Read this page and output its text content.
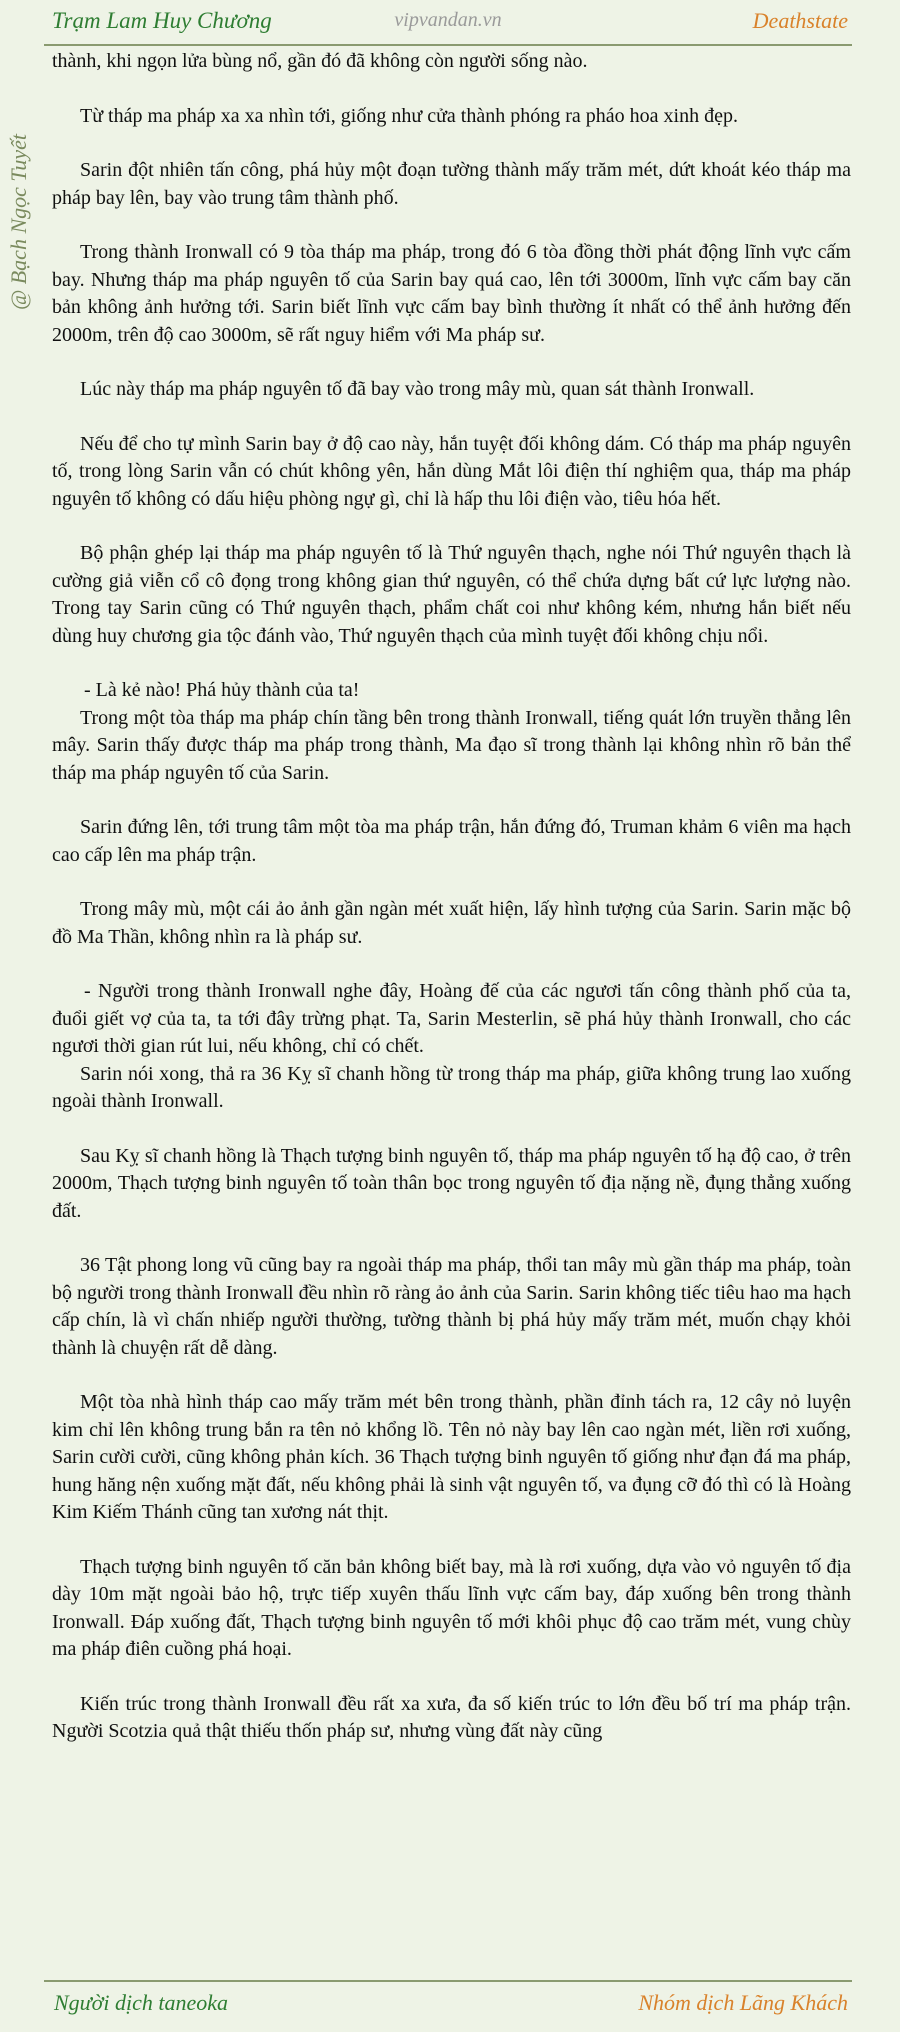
Trạm Lam Huy Chương	vipvandan.vn	Deathstate
@ Bạch Ngọc Tuyết

thành, khi ngọn lửa bùng nổ, gần đó đã không còn người sống nào.

Từ tháp ma pháp xa xa nhìn tới, giống như cửa thành phóng ra pháo hoa xinh đẹp.

Sarin đột nhiên tấn công, phá hủy một đoạn tường thành mấy trăm mét, dứt khoát kéo tháp ma pháp bay lên, bay vào trung tâm thành phố.

Trong thành Ironwall có 9 tòa tháp ma pháp, trong đó 6 tòa đồng thời phát động lĩnh vực cấm bay. Nhưng tháp ma pháp nguyên tố của Sarin bay quá cao, lên tới 3000m, lĩnh vực cấm bay căn bản không ảnh hưởng tới. Sarin biết lĩnh vực cấm bay bình thường ít nhất có thể ảnh hưởng đến 2000m, trên độ cao 3000m, sẽ rất nguy hiểm với Ma pháp sư.

Lúc này tháp ma pháp nguyên tố đã bay vào trong mây mù, quan sát thành Ironwall.

Nếu để cho tự mình Sarin bay ở độ cao này, hắn tuyệt đối không dám. Có tháp ma pháp nguyên tố, trong lòng Sarin vẫn có chút không yên, hắn dùng Mắt lôi điện thí nghiệm qua, tháp ma pháp nguyên tố không có dấu hiệu phòng ngự gì, chỉ là hấp thu lôi điện vào, tiêu hóa hết.

Bộ phận ghép lại tháp ma pháp nguyên tố là Thứ nguyên thạch, nghe nói Thứ nguyên thạch là cường giả viễn cổ cô đọng trong không gian thứ nguyên, có thể chứa dựng bất cứ lực lượng nào. Trong tay Sarin cũng có Thứ nguyên thạch, phẩm chất coi như không kém, nhưng hắn biết nếu dùng huy chương gia tộc đánh vào, Thứ nguyên thạch của mình tuyệt đối không chịu nổi.

- Là kẻ nào! Phá hủy thành của ta!

Trong một tòa tháp ma pháp chín tầng bên trong thành Ironwall, tiếng quát lớn truyền thẳng lên mây. Sarin thấy được tháp ma pháp trong thành, Ma đạo sĩ trong thành lại không nhìn rõ bản thể tháp ma pháp nguyên tố của Sarin.

Sarin đứng lên, tới trung tâm một tòa ma pháp trận, hắn đứng đó, Truman khảm 6 viên ma hạch cao cấp lên ma pháp trận.

Trong mây mù, một cái ảo ảnh gần ngàn mét xuất hiện, lấy hình tượng của Sarin. Sarin mặc bộ đồ Ma Thần, không nhìn ra là pháp sư.

- Người trong thành Ironwall nghe đây, Hoàng đế của các ngươi tấn công thành phố của ta, đuổi giết vợ của ta, ta tới đây trừng phạt. Ta, Sarin Mesterlin, sẽ phá hủy thành Ironwall, cho các ngươi thời gian rút lui, nếu không, chỉ có chết.

Sarin nói xong, thả ra 36 Kỵ sĩ chanh hồng từ trong tháp ma pháp, giữa không trung lao xuống ngoài thành Ironwall.

Sau Kỵ sĩ chanh hồng là Thạch tượng binh nguyên tố, tháp ma pháp nguyên tố hạ độ cao, ở trên 2000m, Thạch tượng binh nguyên tố toàn thân bọc trong nguyên tố địa nặng nề, đụng thẳng xuống đất.

36 Tật phong long vũ cũng bay ra ngoài tháp ma pháp, thổi tan mây mù gần tháp ma pháp, toàn bộ người trong thành Ironwall đều nhìn rõ ràng ảo ảnh của Sarin. Sarin không tiếc tiêu hao ma hạch cấp chín, là vì chấn nhiếp người thường, tường thành bị phá hủy mấy trăm mét, muốn chạy khỏi thành là chuyện rất dễ dàng.

Một tòa nhà hình tháp cao mấy trăm mét bên trong thành, phần đỉnh tách ra, 12 cây nỏ luyện kim chỉ lên không trung bắn ra tên nỏ khổng lồ. Tên nỏ này bay lên cao ngàn mét, liền rơi xuống, Sarin cười cười, cũng không phản kích. 36 Thạch tượng binh nguyên tố giống như đạn đá ma pháp, hung hăng nện xuống mặt đất, nếu không phải là sinh vật nguyên tố, va đụng cỡ đó thì có là Hoàng Kim Kiếm Thánh cũng tan xương nát thịt.

Thạch tượng binh nguyên tố căn bản không biết bay, mà là rơi xuống, dựa vào vỏ nguyên tố địa dày 10m mặt ngoài bảo hộ, trực tiếp xuyên thấu lĩnh vực cấm bay, đáp xuống bên trong thành Ironwall. Đáp xuống đất, Thạch tượng binh nguyên tố mới khôi phục độ cao trăm mét, vung chùy ma pháp điên cuồng phá hoại.

Kiến trúc trong thành Ironwall đều rất xa xưa, đa số kiến trúc to lớn đều bố trí ma pháp trận. Người Scotzia quả thật thiếu thốn pháp sư, nhưng vùng đất này cũng

Người dịch taneoka	Nhóm dịch Lãng Khách
